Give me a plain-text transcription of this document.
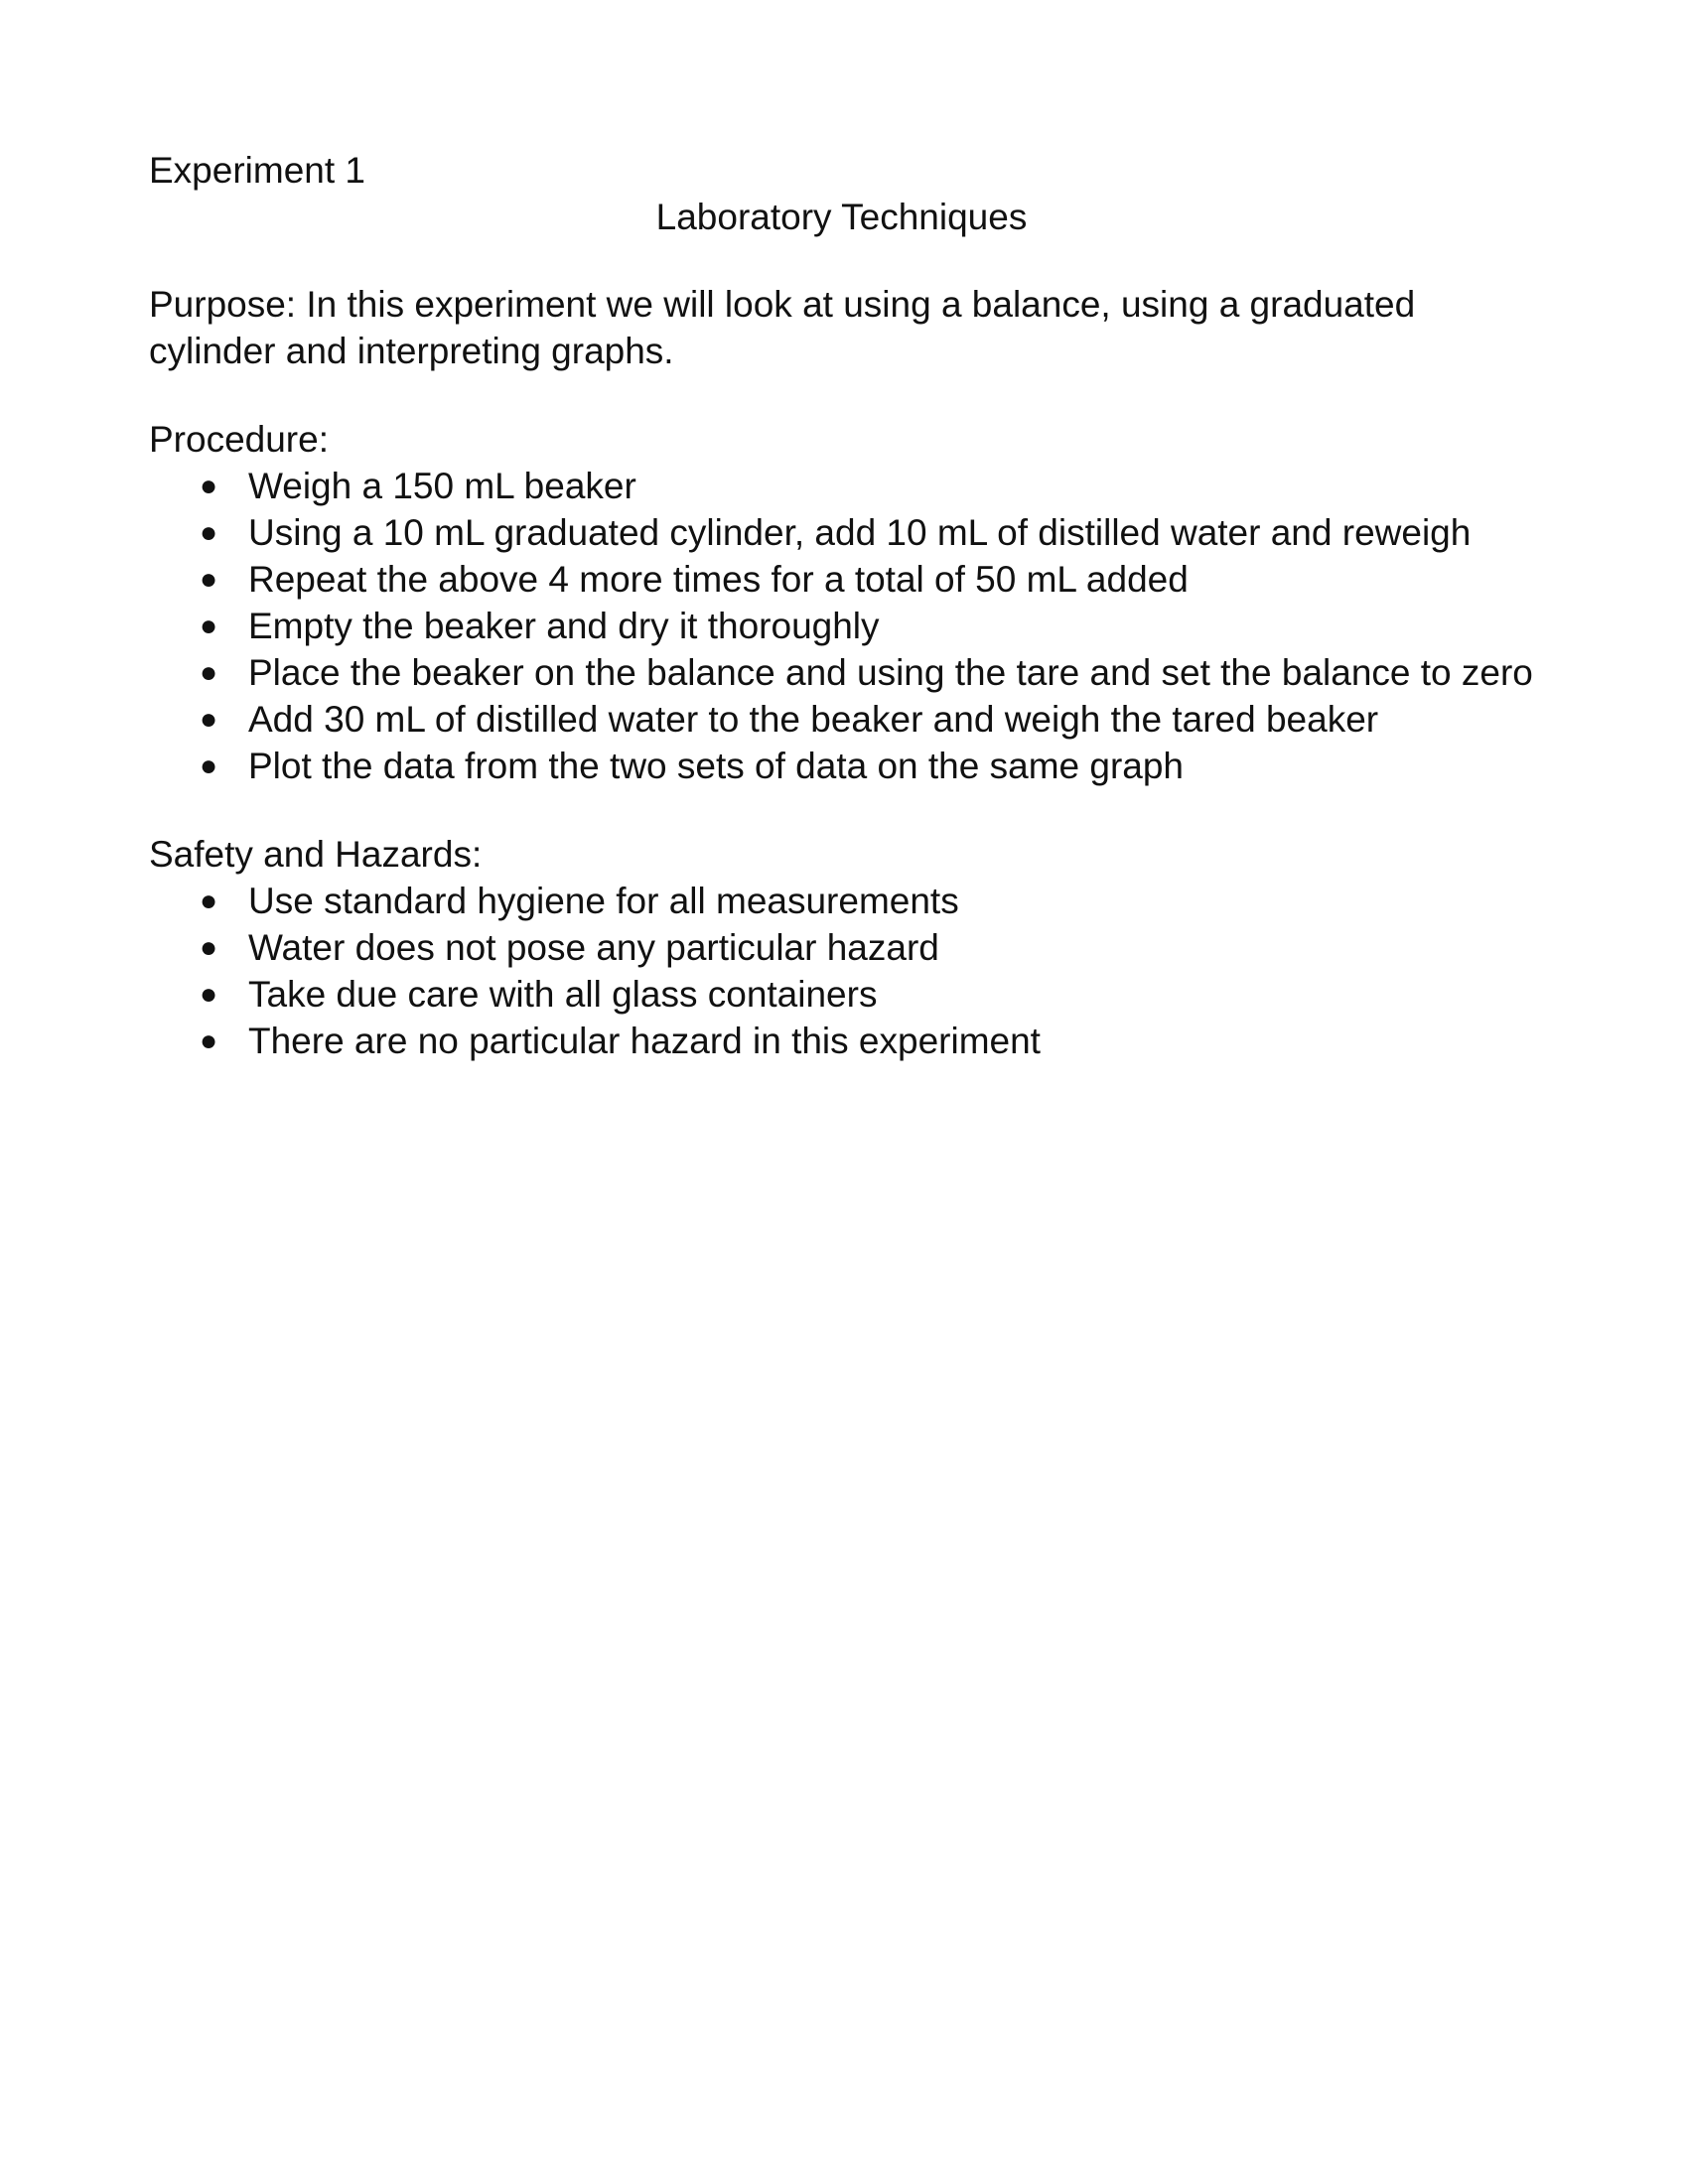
Experiment 1

Laboratory Techniques

Purpose: In this experiment we will look at using a balance, using a graduated cylinder and interpreting graphs.

Procedure:

● Weigh a 150 mL beaker
● Using a 10 mL graduated cylinder, add 10 mL of distilled water and reweigh
● Repeat the above 4 more times for a total of 50 mL added
● Empty the beaker and dry it thoroughly
● Place the beaker on the balance and using the tare and set the balance to zero
● Add 30 mL of distilled water to the beaker and weigh the tared beaker
● Plot the data from the two sets of data on the same graph

Safety and Hazards:

● Use standard hygiene for all measurements
● Water does not pose any particular hazard
● Take due care with all glass containers
● There are no particular hazard in this experiment
